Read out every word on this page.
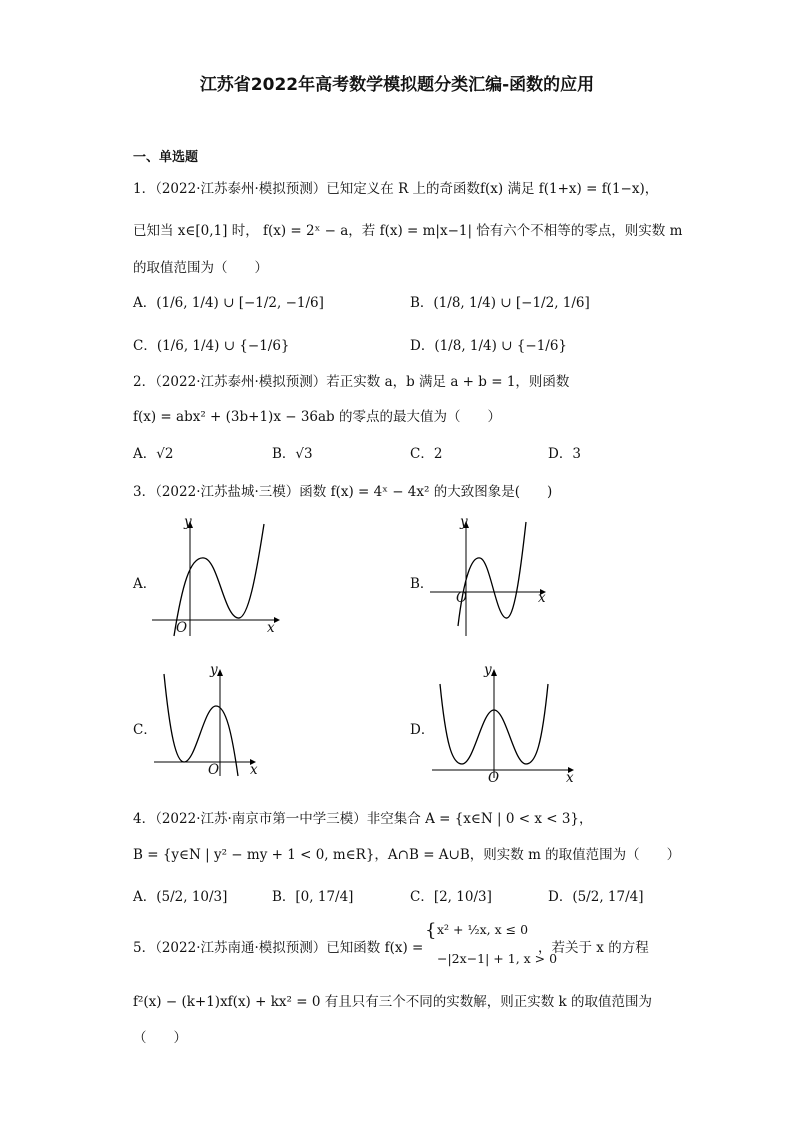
江苏省2022年高考数学模拟题分类汇编-函数的应用
一、单选题
1．（2022·江苏泰州·模拟预测）已知定义在 R 上的奇函数f(x) 满足 f(1+x) = f(1−x)，
已知当 x∈[0,1] 时， f(x) = 2ˣ − a，若 f(x) = m|x−1| 恰有六个不相等的零点，则实数 m
的取值范围为（　　）
A．(1/6, 1/4) ∪ [−1/2, −1/6]	B．(1/8, 1/4) ∪ [−1/2, 1/6]
C．(1/6, 1/4) ∪ {−1/6}	D．(1/8, 1/4) ∪ {−1/6}
2．（2022·江苏泰州·模拟预测）若正实数 a，b 满足 a + b = 1，则函数
f(x) = abx² + (3b+1)x − 36ab 的零点的最大值为（　　）
A．√2	B．√3	C．2	D．3
3．（2022·江苏盐城·三模）函数 f(x) = 4ˣ − 4x² 的大致图象是(　　)
A．
y
x
O
B．
y
x
O
C．
y
x
O
D．
y
x
O
4．（2022·江苏·南京市第一中学三模）非空集合 A = {x∈N | 0 < x < 3}，
B = {y∈N | y² − my + 1 < 0, m∈R}，A∩B = A∪B，则实数 m 的取值范围为（　　）
A．(5/2, 10/3]	B．[0, 17/4]	C．[2, 10/3]	D．(5/2, 17/4]
5．（2022·江苏南通·模拟预测）已知函数 f(x) =
{ x² + ½x, x ≤ 0
−|2x−1| + 1, x > 0
，若关于 x 的方程
f²(x) − (k+1)xf(x) + kx² = 0 有且只有三个不同的实数解，则正实数 k 的取值范围为
（　　）
